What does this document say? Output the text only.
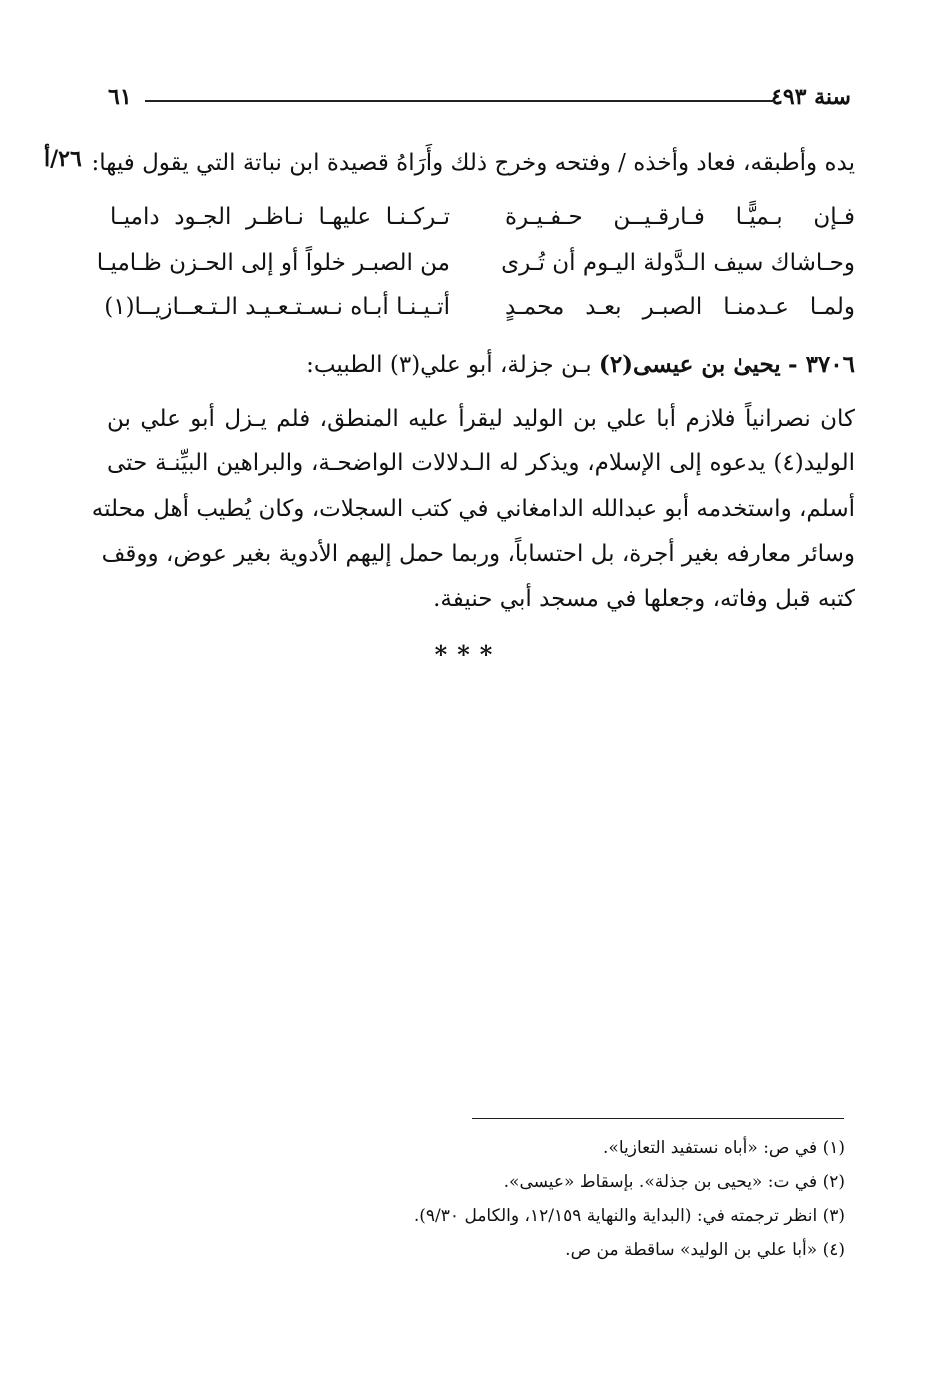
سنة ٤٩٣
٦١
يده وأطبقه، فعاد وأخذه / وفتحه وخرج ذلك وأَرَاهُ قصيدة ابن نباتة التي يقول فيها:
٢٦/أ
فـإن بـميًّـا فـارقـيــن حـفـيـرة
تـركـنـا عليهـا نـاظـر الجـود داميـا
وحـاشاك سيف الـدَّولة اليـوم أن تُـرى
من الصبـر خلواً أو إلى الحـزن ظـاميـا
ولمـا عـدمنـا الصبـر بعـد محمـدٍ
أتـيـنـا أبـاه نـسـتـعـيـد الـتـعــازيــا(١)
٣٧٠٦ - يحيىٰ بن عيسى(٢) بـن جزلة، أبو علي(٣) الطبيب:
كان نصرانياً فلازم أبا علي بن الوليد ليقرأ عليه المنطق، فلم يـزل أبو علي بن
الوليد(٤) يدعوه إلى الإسلام، ويذكر له الـدلالات الواضحـة، والبراهين البيِّنـة حتى
أسلم، واستخدمه أبو عبدالله الدامغاني في كتب السجلات، وكان يُطيب أهل محلته
وسائر معارفه بغير أجرة، بل احتساباً، وربما حمل إليهم الأدوية بغير عوض، ووقف
كتبه قبل وفاته، وجعلها في مسجد أبي حنيفة.
***
(١) في ص: «أباه نستفيد التعازيا».
(٢) في ت: «يحيى بن جذلة». بإسقاط «عيسى».
(٣) انظر ترجمته في: (البداية والنهاية ١٢/١٥٩، والكامل ٩/٣٠).
(٤) «أبا علي بن الوليد» ساقطة من ص.
